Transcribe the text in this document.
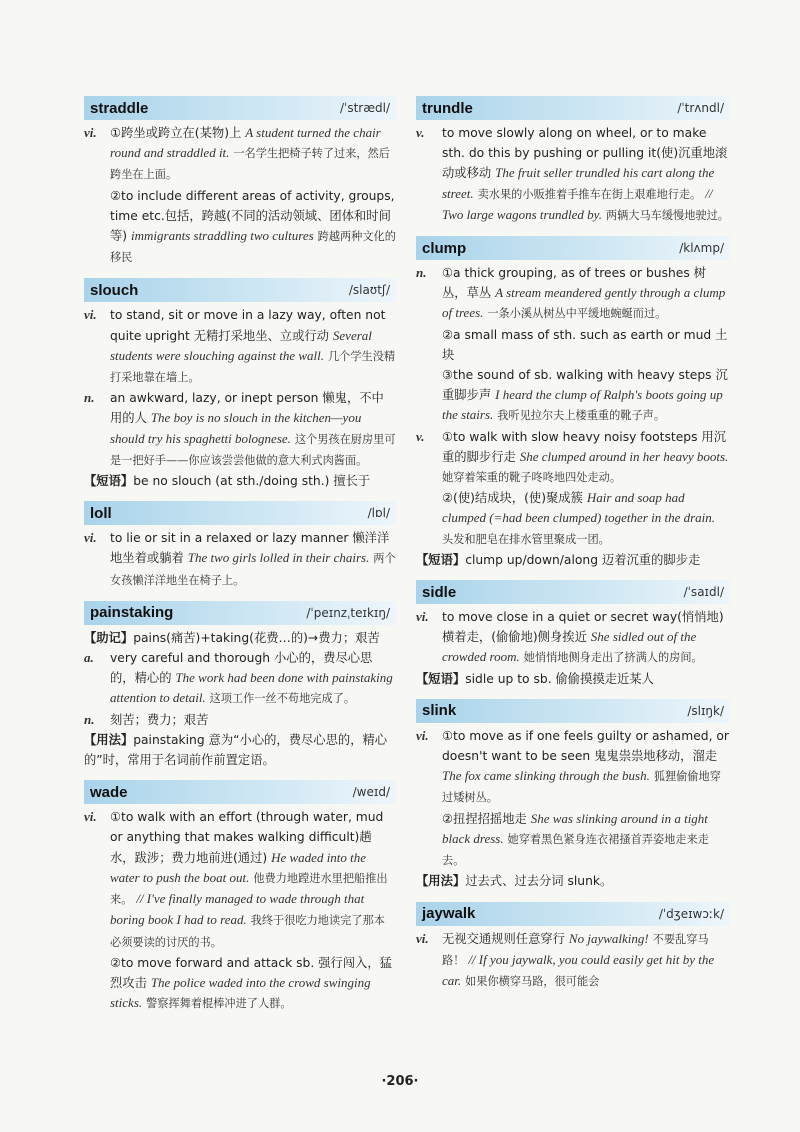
straddle	/ˈstrædl/
vi.	①跨坐或跨立在(某物)上 A student turned the chair round and straddled it. 一名学生把椅子转了过来，然后跨坐在上面。
②to include different areas of activity, groups, time etc.包括，跨越(不同的活动领域、团体和时间等) immigrants straddling two cultures 跨越两种文化的移民
slouch	/slaʊtʃ/
vi.	to stand, sit or move in a lazy way, often not quite upright 无精打采地坐、立或行动 Several students were slouching against the wall. 几个学生没精打采地靠在墙上。
n.	an awkward, lazy, or inept person 懒鬼，不中用的人 The boy is no slouch in the kitchen—you should try his spaghetti bolognese. 这个男孩在厨房里可是一把好手——你应该尝尝他做的意大利式肉酱面。
【短语】be no slouch (at sth./doing sth.) 擅长于
loll	/lɒl/
vi.	to lie or sit in a relaxed or lazy manner 懒洋洋地坐着或躺着 The two girls lolled in their chairs. 两个女孩懒洋洋地坐在椅子上。
painstaking	/ˈpeɪnzˌteɪkɪŋ/
【助记】pains(痛苦)+taking(花费…的)→费力；艰苦
a.	very careful and thorough 小心的，费尽心思的，精心的 The work had been done with painstaking attention to detail. 这项工作一丝不苟地完成了。
n.	刻苦；费力；艰苦
【用法】painstaking 意为“小心的，费尽心思的，精心的”时，常用于名词前作前置定语。
wade	/weɪd/
vi.	①to walk with an effort (through water, mud or anything that makes walking difficult)趟水，跋涉；费力地前进(通过) He waded into the water to push the boat out. 他费力地蹚进水里把船推出来。 // I've finally managed to wade through that boring book I had to read. 我终于很吃力地读完了那本必须要读的讨厌的书。
②to move forward and attack sb. 强行闯入，猛烈攻击 The police waded into the crowd swinging sticks. 警察挥舞着棍棒冲进了人群。
trundle	/ˈtrʌndl/
v.	to move slowly along on wheel, or to make sth. do this by pushing or pulling it(使)沉重地滚动或移动 The fruit seller trundled his cart along the street. 卖水果的小贩推着手推车在街上艰难地行走。 // Two large wagons trundled by. 两辆大马车缓慢地驶过。
clump	/klʌmp/
n.	①a thick grouping, as of trees or bushes 树丛，草丛 A stream meandered gently through a clump of trees. 一条小溪从树丛中平缓地蜿蜒而过。
②a small mass of sth. such as earth or mud 土块
③the sound of sb. walking with heavy steps 沉重脚步声 I heard the clump of Ralph's boots going up the stairs. 我听见拉尔夫上楼重重的靴子声。
v.	①to walk with slow heavy noisy footsteps 用沉重的脚步行走 She clumped around in her heavy boots. 她穿着笨重的靴子咚咚地四处走动。
②(使)结成块，(使)聚成簇 Hair and soap had clumped (=had been clumped) together in the drain. 头发和肥皂在排水管里聚成一团。
【短语】clump up/down/along 迈着沉重的脚步走
sidle	/ˈsaɪdl/
vi.	to move close in a quiet or secret way(悄悄地)横着走，(偷偷地)侧身挨近 She sidled out of the crowded room. 她悄悄地侧身走出了挤满人的房间。
【短语】sidle up to sb. 偷偷摸摸走近某人
slink	/slɪŋk/
vi.	①to move as if one feels guilty or ashamed, or doesn't want to be seen 鬼鬼祟祟地移动，溜走 The fox came slinking through the bush. 狐狸偷偷地穿过矮树丛。
②扭捏招摇地走 She was slinking around in a tight black dress. 她穿着黑色紧身连衣裙搔首弄姿地走来走去。
【用法】过去式、过去分词 slunk。
jaywalk	/ˈdʒeɪwɔːk/
vi.	无视交通规则任意穿行 No jaywalking! 不要乱穿马路！ // If you jaywalk, you could easily get hit by the car. 如果你横穿马路，很可能会
·206·
